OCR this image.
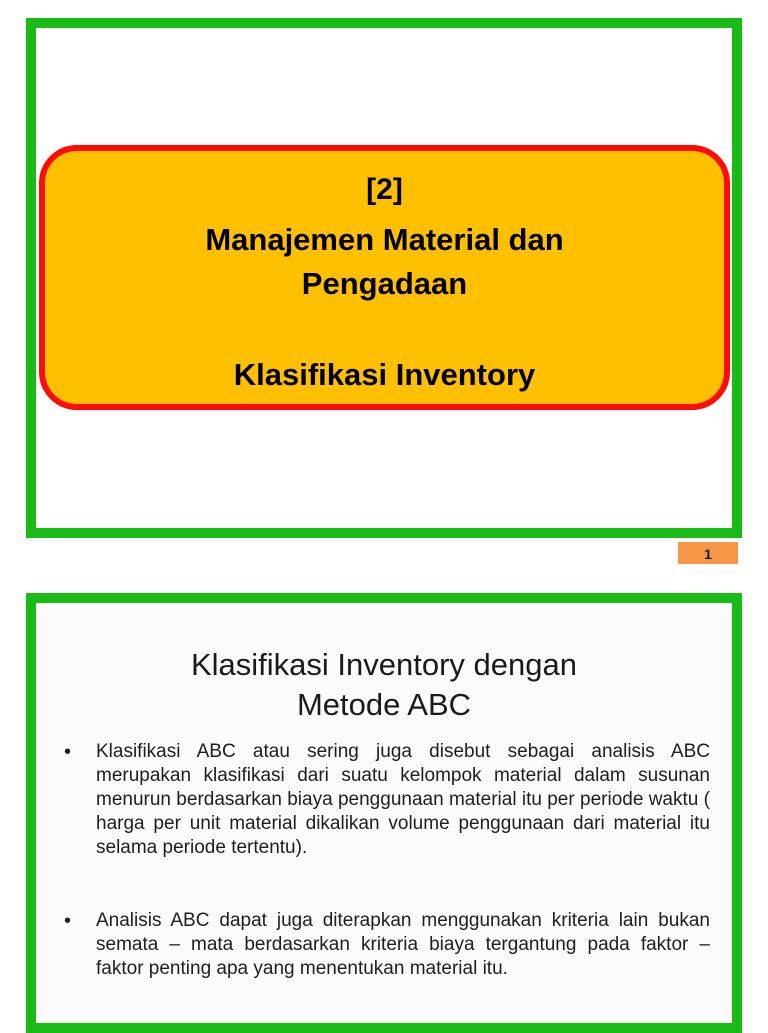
[2]
Manajemen Material dan
Pengadaan
Klasifikasi Inventory
1
Klasifikasi Inventory dengan
Metode ABC
• Klasifikasi ABC atau sering juga disebut sebagai analisis ABC merupakan klasifikasi dari suatu kelompok material dalam susunan menurun berdasarkan biaya penggunaan material itu per periode waktu ( harga per unit material dikalikan volume penggunaan dari material itu selama periode tertentu).
• Analisis ABC dapat juga diterapkan menggunakan kriteria lain bukan semata – mata berdasarkan kriteria biaya tergantung pada faktor – faktor penting apa yang menentukan material itu.
